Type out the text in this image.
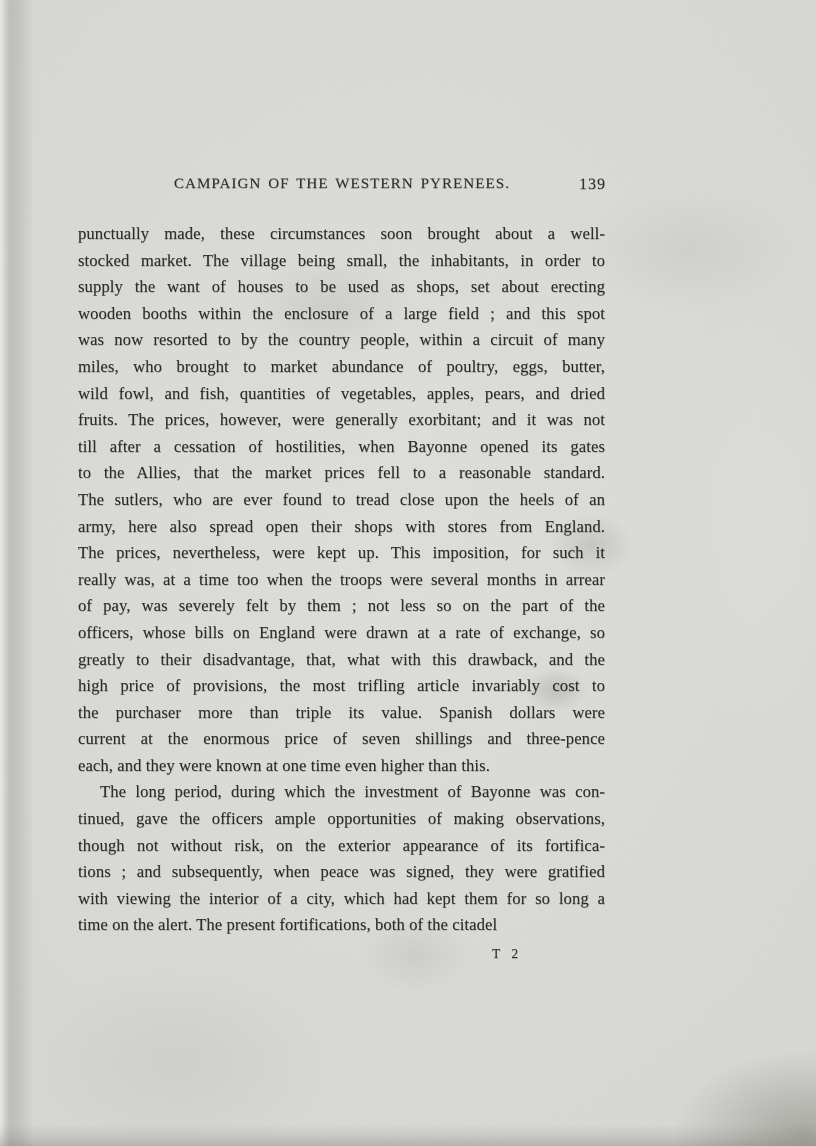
CAMPAIGN OF THE WESTERN PYRENEES.	139
punctually made, these circumstances soon brought about a well-
stocked market. The village being small, the inhabitants, in order to
supply the want of houses to be used as shops, set about erecting
wooden booths within the enclosure of a large field ; and this spot
was now resorted to by the country people, within a circuit of many
miles, who brought to market abundance of poultry, eggs, butter,
wild fowl, and fish, quantities of vegetables, apples, pears, and dried
fruits. The prices, however, were generally exorbitant; and it was not
till after a cessation of hostilities, when Bayonne opened its gates
to the Allies, that the market prices fell to a reasonable standard.
The sutlers, who are ever found to tread close upon the heels of an
army, here also spread open their shops with stores from England.
The prices, nevertheless, were kept up. This imposition, for such it
really was, at a time too when the troops were several months in arrear
of pay, was severely felt by them ; not less so on the part of the
officers, whose bills on England were drawn at a rate of exchange, so
greatly to their disadvantage, that, what with this drawback, and the
high price of provisions, the most trifling article invariably cost to
the purchaser more than triple its value. Spanish dollars were
current at the enormous price of seven shillings and three-pence
each, and they were known at one time even higher than this.
The long period, during which the investment of Bayonne was con-
tinued, gave the officers ample opportunities of making observations,
though not without risk, on the exterior appearance of its fortifica-
tions ; and subsequently, when peace was signed, they were gratified
with viewing the interior of a city, which had kept them for so long a
time on the alert. The present fortifications, both of the citadel
T 2
